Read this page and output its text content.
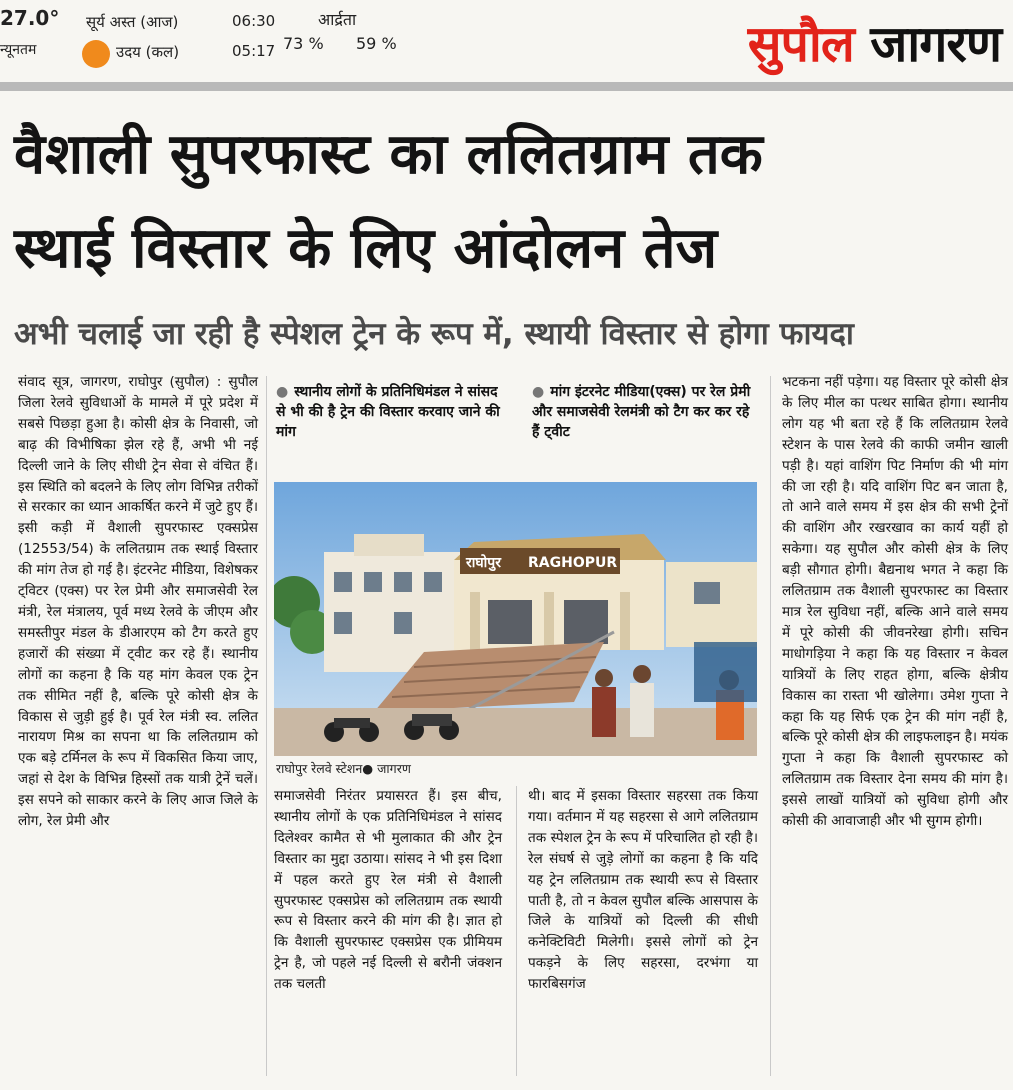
27.0°
न्यूनतम
सूर्य अस्त (आज)	06:30
उदय (कल)	05:17
आर्द्रता
73 % 59 %	सुपौल जागरण
वैशाली सुपरफास्ट का ललितग्राम तक
स्थाई विस्तार के लिए आंदोलन तेज
अभी चलाई जा रही है स्पेशल ट्रेन के रूप में, स्थायी विस्तार से होगा फायदा

संवाद सूत्र, जागरण, राघोपुर (सुपौल) : सुपौल जिला रेलवे सुविधाओं के मामले में पूरे प्रदेश में सबसे पिछड़ा हुआ है। कोसी क्षेत्र के निवासी, जो बाढ़ की विभीषिका झेल रहे हैं, अभी भी नई दिल्ली जाने के लिए सीधी ट्रेन सेवा से वंचित हैं। इस स्थिति को बदलने के लिए लोग विभिन्न तरीकों से सरकार का ध्यान आकर्षित करने में जुटे हुए हैं। इसी कड़ी में वैशाली सुपरफास्ट एक्सप्रेस (12553/54) के ललितग्राम तक स्थाई विस्तार की मांग तेज हो गई है। इंटरनेट मीडिया, विशेषकर ट्विटर (एक्स) पर रेल प्रेमी और समाजसेवी रेल मंत्री, रेल मंत्रालय, पूर्व मध्य रेलवे के जीएम और समस्तीपुर मंडल के डीआरएम को टैग करते हुए हजारों की संख्या में ट्वीट कर रहे हैं। स्थानीय लोगों का कहना है कि यह मांग केवल एक ट्रेन तक सीमित नहीं है, बल्कि पूरे कोसी क्षेत्र के विकास से जुड़ी हुई है। पूर्व रेल मंत्री स्व. ललित नारायण मिश्र का सपना था कि ललितग्राम को एक बड़े टर्मिनल के रूप में विकसित किया जाए, जहां से देश के विभिन्न हिस्सों तक यात्री ट्रेनें चलें। इस सपने को साकार करने के लिए आज जिले के लोग, रेल प्रेमी और

● स्थानीय लोगों के प्रतिनिधिमंडल ने सांसद से भी की है ट्रेन की विस्तार करवाए जाने की मांग
● मांग इंटरनेट मीडिया(एक्स) पर रेल प्रेमी और समाजसेवी रेलमंत्री को टैग कर कर रहे हैं ट्वीट
राघोपुर RAGHOPUR
राघोपुर रेलवे स्टेशन● जागरण

समाजसेवी निरंतर प्रयासरत हैं। इस बीच, स्थानीय लोगों के एक प्रतिनिधिमंडल ने सांसद दिलेश्वर कामैत से भी मुलाकात की और ट्रेन विस्तार का मुद्दा उठाया। सांसद ने भी इस दिशा में पहल करते हुए रेल मंत्री से वैशाली सुपरफास्ट एक्सप्रेस को ललितग्राम तक स्थायी रूप से विस्तार करने की मांग की है। ज्ञात हो कि वैशाली सुपरफास्ट एक्सप्रेस एक प्रीमियम ट्रेन है, जो पहले नई दिल्ली से बरौनी जंक्शन तक चलती

थी। बाद में इसका विस्तार सहरसा तक किया गया। वर्तमान में यह सहरसा से आगे ललितग्राम तक स्पेशल ट्रेन के रूप में परिचालित हो रही है। रेल संघर्ष से जुड़े लोगों का कहना है कि यदि यह ट्रेन ललितग्राम तक स्थायी रूप से विस्तार पाती है, तो न केवल सुपौल बल्कि आसपास के जिले के यात्रियों को दिल्ली की सीधी कनेक्टिविटी मिलेगी। इससे लोगों को ट्रेन पकड़ने के लिए सहरसा, दरभंगा या फारबिसगंज

भटकना नहीं पड़ेगा। यह विस्तार पूरे कोसी क्षेत्र के लिए मील का पत्थर साबित होगा। स्थानीय लोग यह भी बता रहे हैं कि ललितग्राम रेलवे स्टेशन के पास रेलवे की काफी जमीन खाली पड़ी है। यहां वाशिंग पिट निर्माण की भी मांग की जा रही है। यदि वाशिंग पिट बन जाता है, तो आने वाले समय में इस क्षेत्र की सभी ट्रेनों की वाशिंग और रखरखाव का कार्य यहीं हो सकेगा। यह सुपौल और कोसी क्षेत्र के लिए बड़ी सौगात होगी। बैद्यनाथ भगत ने कहा कि ललितग्राम तक वैशाली सुपरफास्ट का विस्तार मात्र रेल सुविधा नहीं, बल्कि आने वाले समय में पूरे कोसी की जीवनरेखा होगी। सचिन माधोगड़िया ने कहा कि यह विस्तार न केवल यात्रियों के लिए राहत होगा, बल्कि क्षेत्रीय विकास का रास्ता भी खोलेगा। उमेश गुप्ता ने कहा कि यह सिर्फ एक ट्रेन की मांग नहीं है, बल्कि पूरे कोसी क्षेत्र की लाइफलाइन है। मयंक गुप्ता ने कहा कि वैशाली सुपरफास्ट को ललितग्राम तक विस्तार देना समय की मांग है। इससे लाखों यात्रियों को सुविधा होगी और कोसी की आवाजाही और भी सुगम होगी।
